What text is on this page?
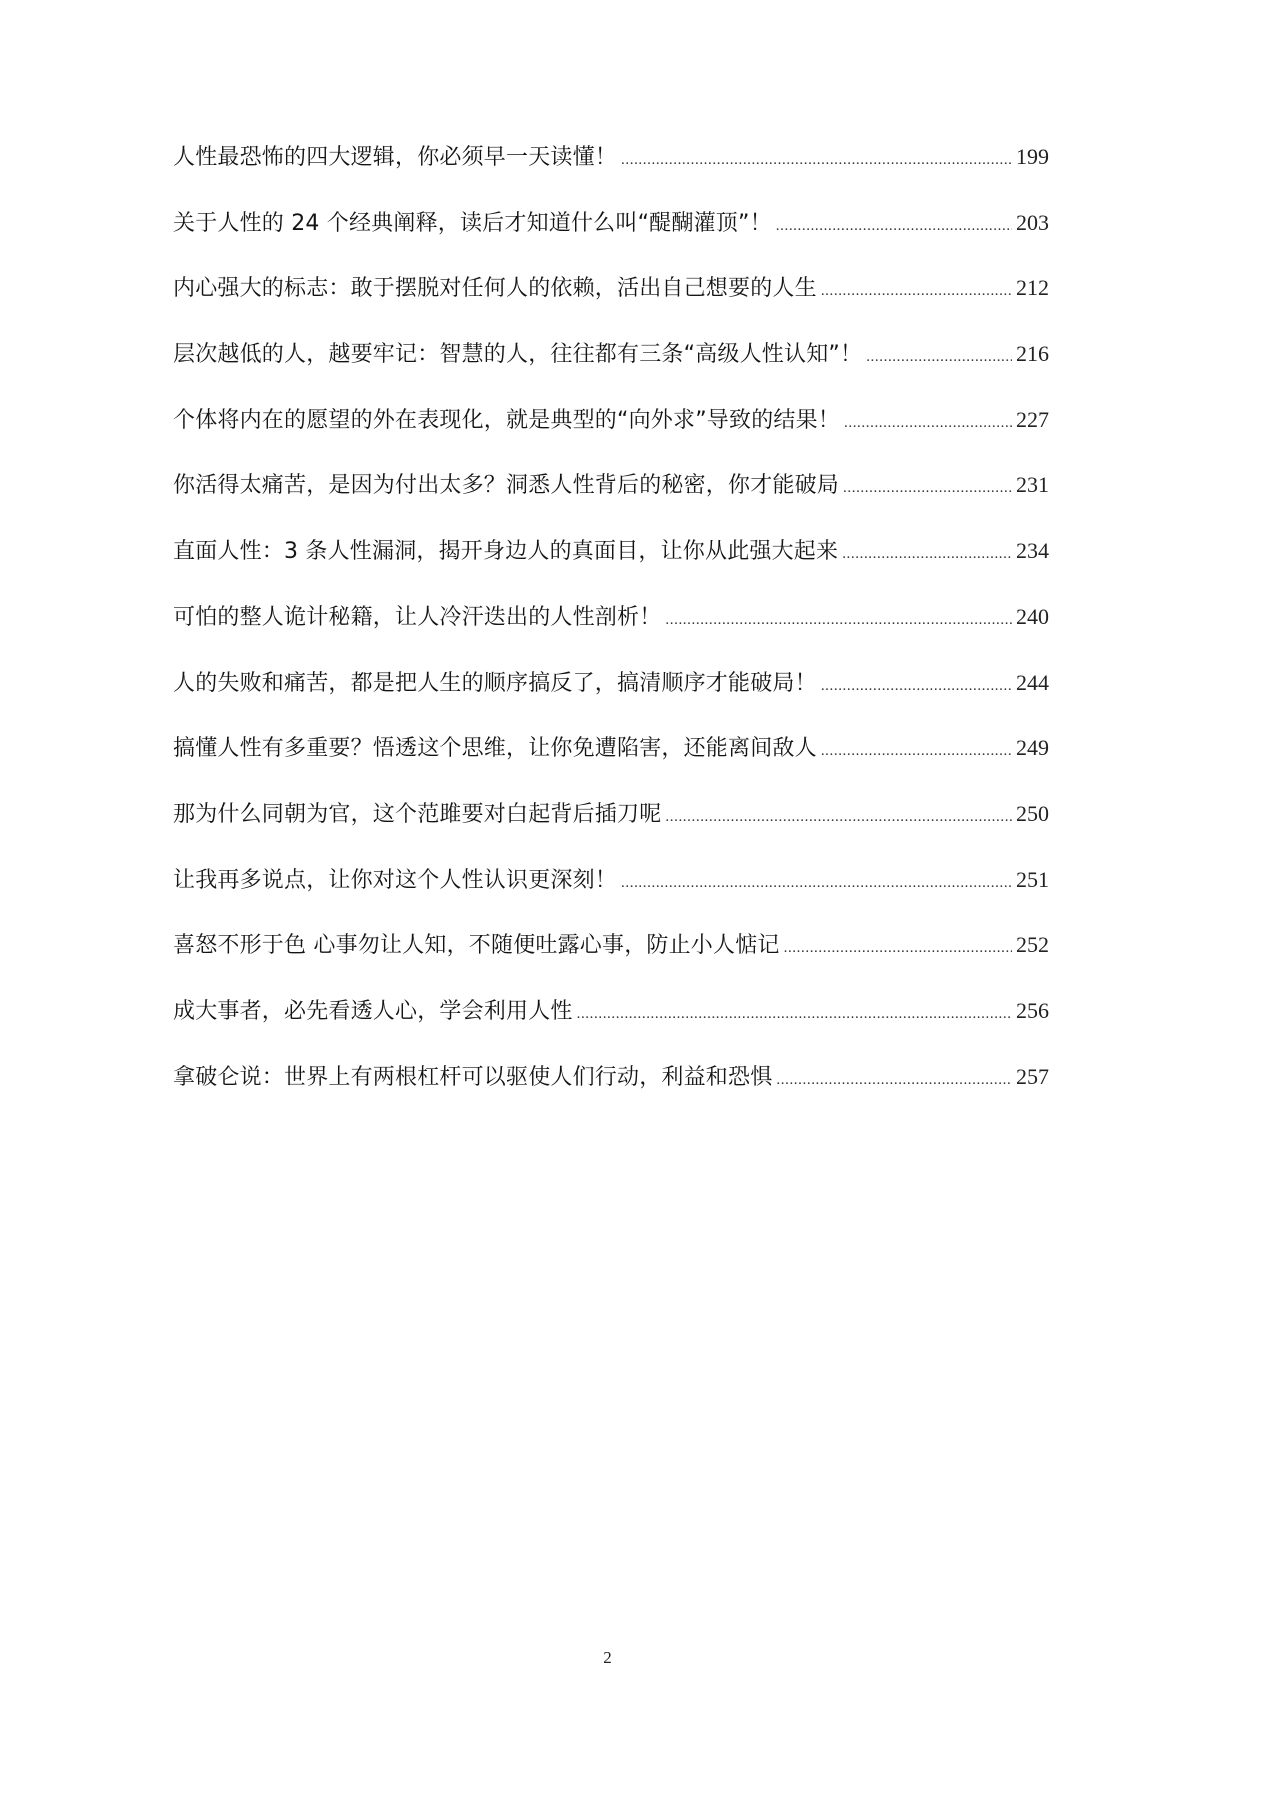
人性最恐怖的四大逻辑，你必须早一天读懂！ .....	199
关于人性的 24 个经典阐释，读后才知道什么叫“醍醐灌顶”！ .....	203
内心强大的标志：敢于摆脱对任何人的依赖，活出自己想要的人生 .....	212
层次越低的人，越要牢记：智慧的人，往往都有三条“高级人性认知”！ .....	216
个体将内在的愿望的外在表现化，就是典型的“向外求”导致的结果！ .....	227
你活得太痛苦，是因为付出太多？洞悉人性背后的秘密，你才能破局 .....	231
直面人性：3 条人性漏洞，揭开身边人的真面目，让你从此强大起来 .....	234
可怕的整人诡计秘籍，让人冷汗迭出的人性剖析！ .....	240
人的失败和痛苦，都是把人生的顺序搞反了，搞清顺序才能破局！ .....	244
搞懂人性有多重要？悟透这个思维，让你免遭陷害，还能离间敌人 .....	249
那为什么同朝为官，这个范雎要对白起背后插刀呢 .....	250
让我再多说点，让你对这个人性认识更深刻！ .....	251
喜怒不形于色 心事勿让人知，不随便吐露心事，防止小人惦记 .....	252
成大事者，必先看透人心，学会利用人性 .....	256
拿破仑说：世界上有两根杠杆可以驱使人们行动，利益和恐惧 .....	257
2
